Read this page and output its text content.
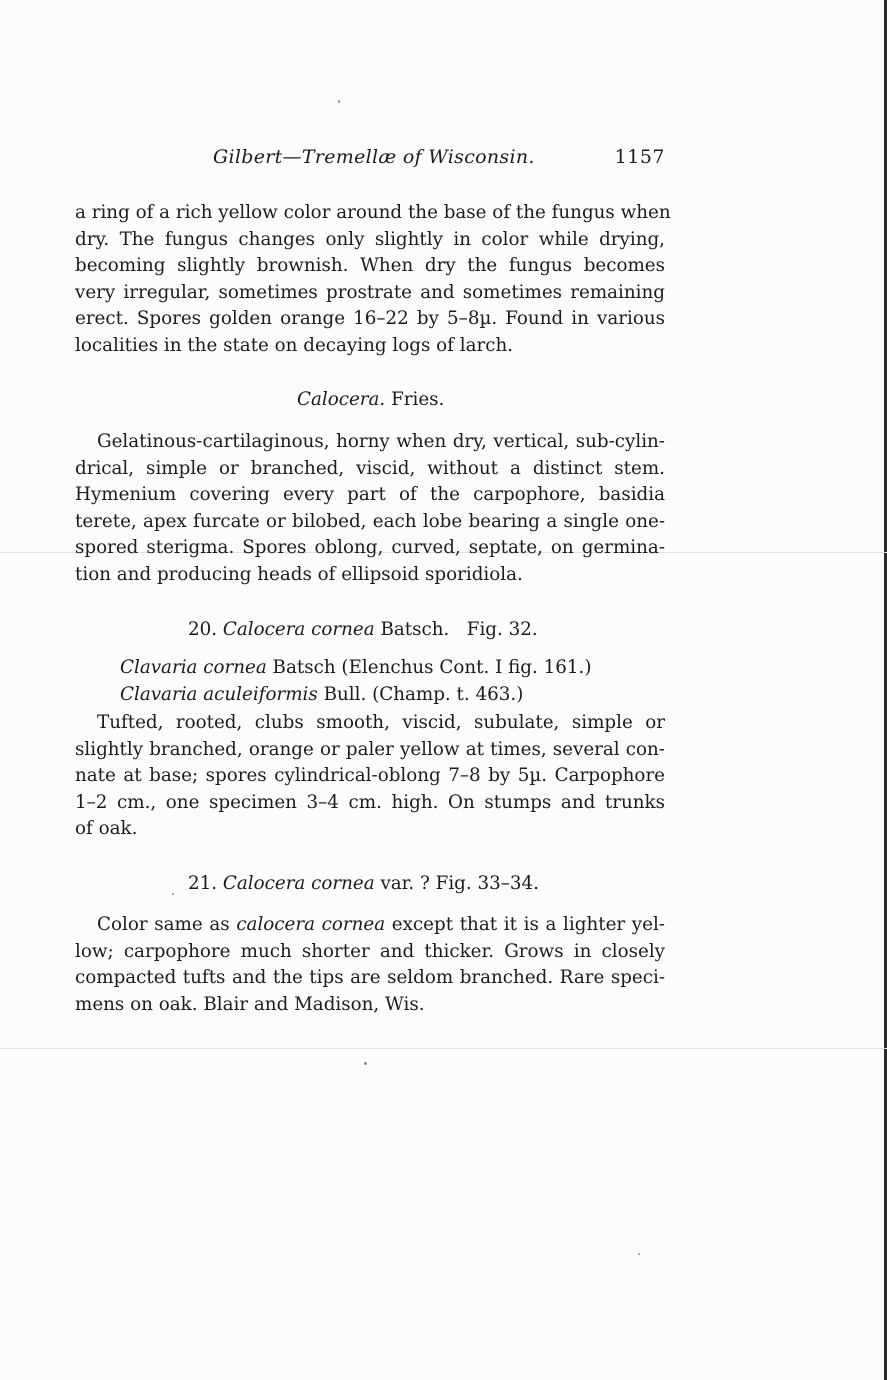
Gilbert—Tremellæ of Wisconsin.	1157
a ring of a rich yellow color around the base of the fungus when
dry. The fungus changes only slightly in color while drying,
becoming slightly brownish. When dry the fungus becomes
very irregular, sometimes prostrate and sometimes remaining
erect. Spores golden orange 16–22 by 5–8µ. Found in various
localities in the state on decaying logs of larch.
Calocera. Fries.
Gelatinous-cartilaginous, horny when dry, vertical, sub-cylin-
drical, simple or branched, viscid, without a distinct stem.
Hymenium covering every part of the carpophore, basidia
terete, apex furcate or bilobed, each lobe bearing a single one-
spored sterigma. Spores oblong, curved, septate, on germina-
tion and producing heads of ellipsoid sporidiola.
20. Calocera cornea Batsch. Fig. 32.
Clavaria cornea Batsch (Elenchus Cont. I fig. 161.)
Clavaria aculeiformis Bull. (Champ. t. 463.)
Tufted, rooted, clubs smooth, viscid, subulate, simple or
slightly branched, orange or paler yellow at times, several con-
nate at base; spores cylindrical-oblong 7–8 by 5µ. Carpophore
1–2 cm., one specimen 3–4 cm. high. On stumps and trunks
of oak.
21. Calocera cornea var. ? Fig. 33–34.
Color same as calocera cornea except that it is a lighter yel-
low; carpophore much shorter and thicker. Grows in closely
compacted tufts and the tips are seldom branched. Rare speci-
mens on oak. Blair and Madison, Wis.
